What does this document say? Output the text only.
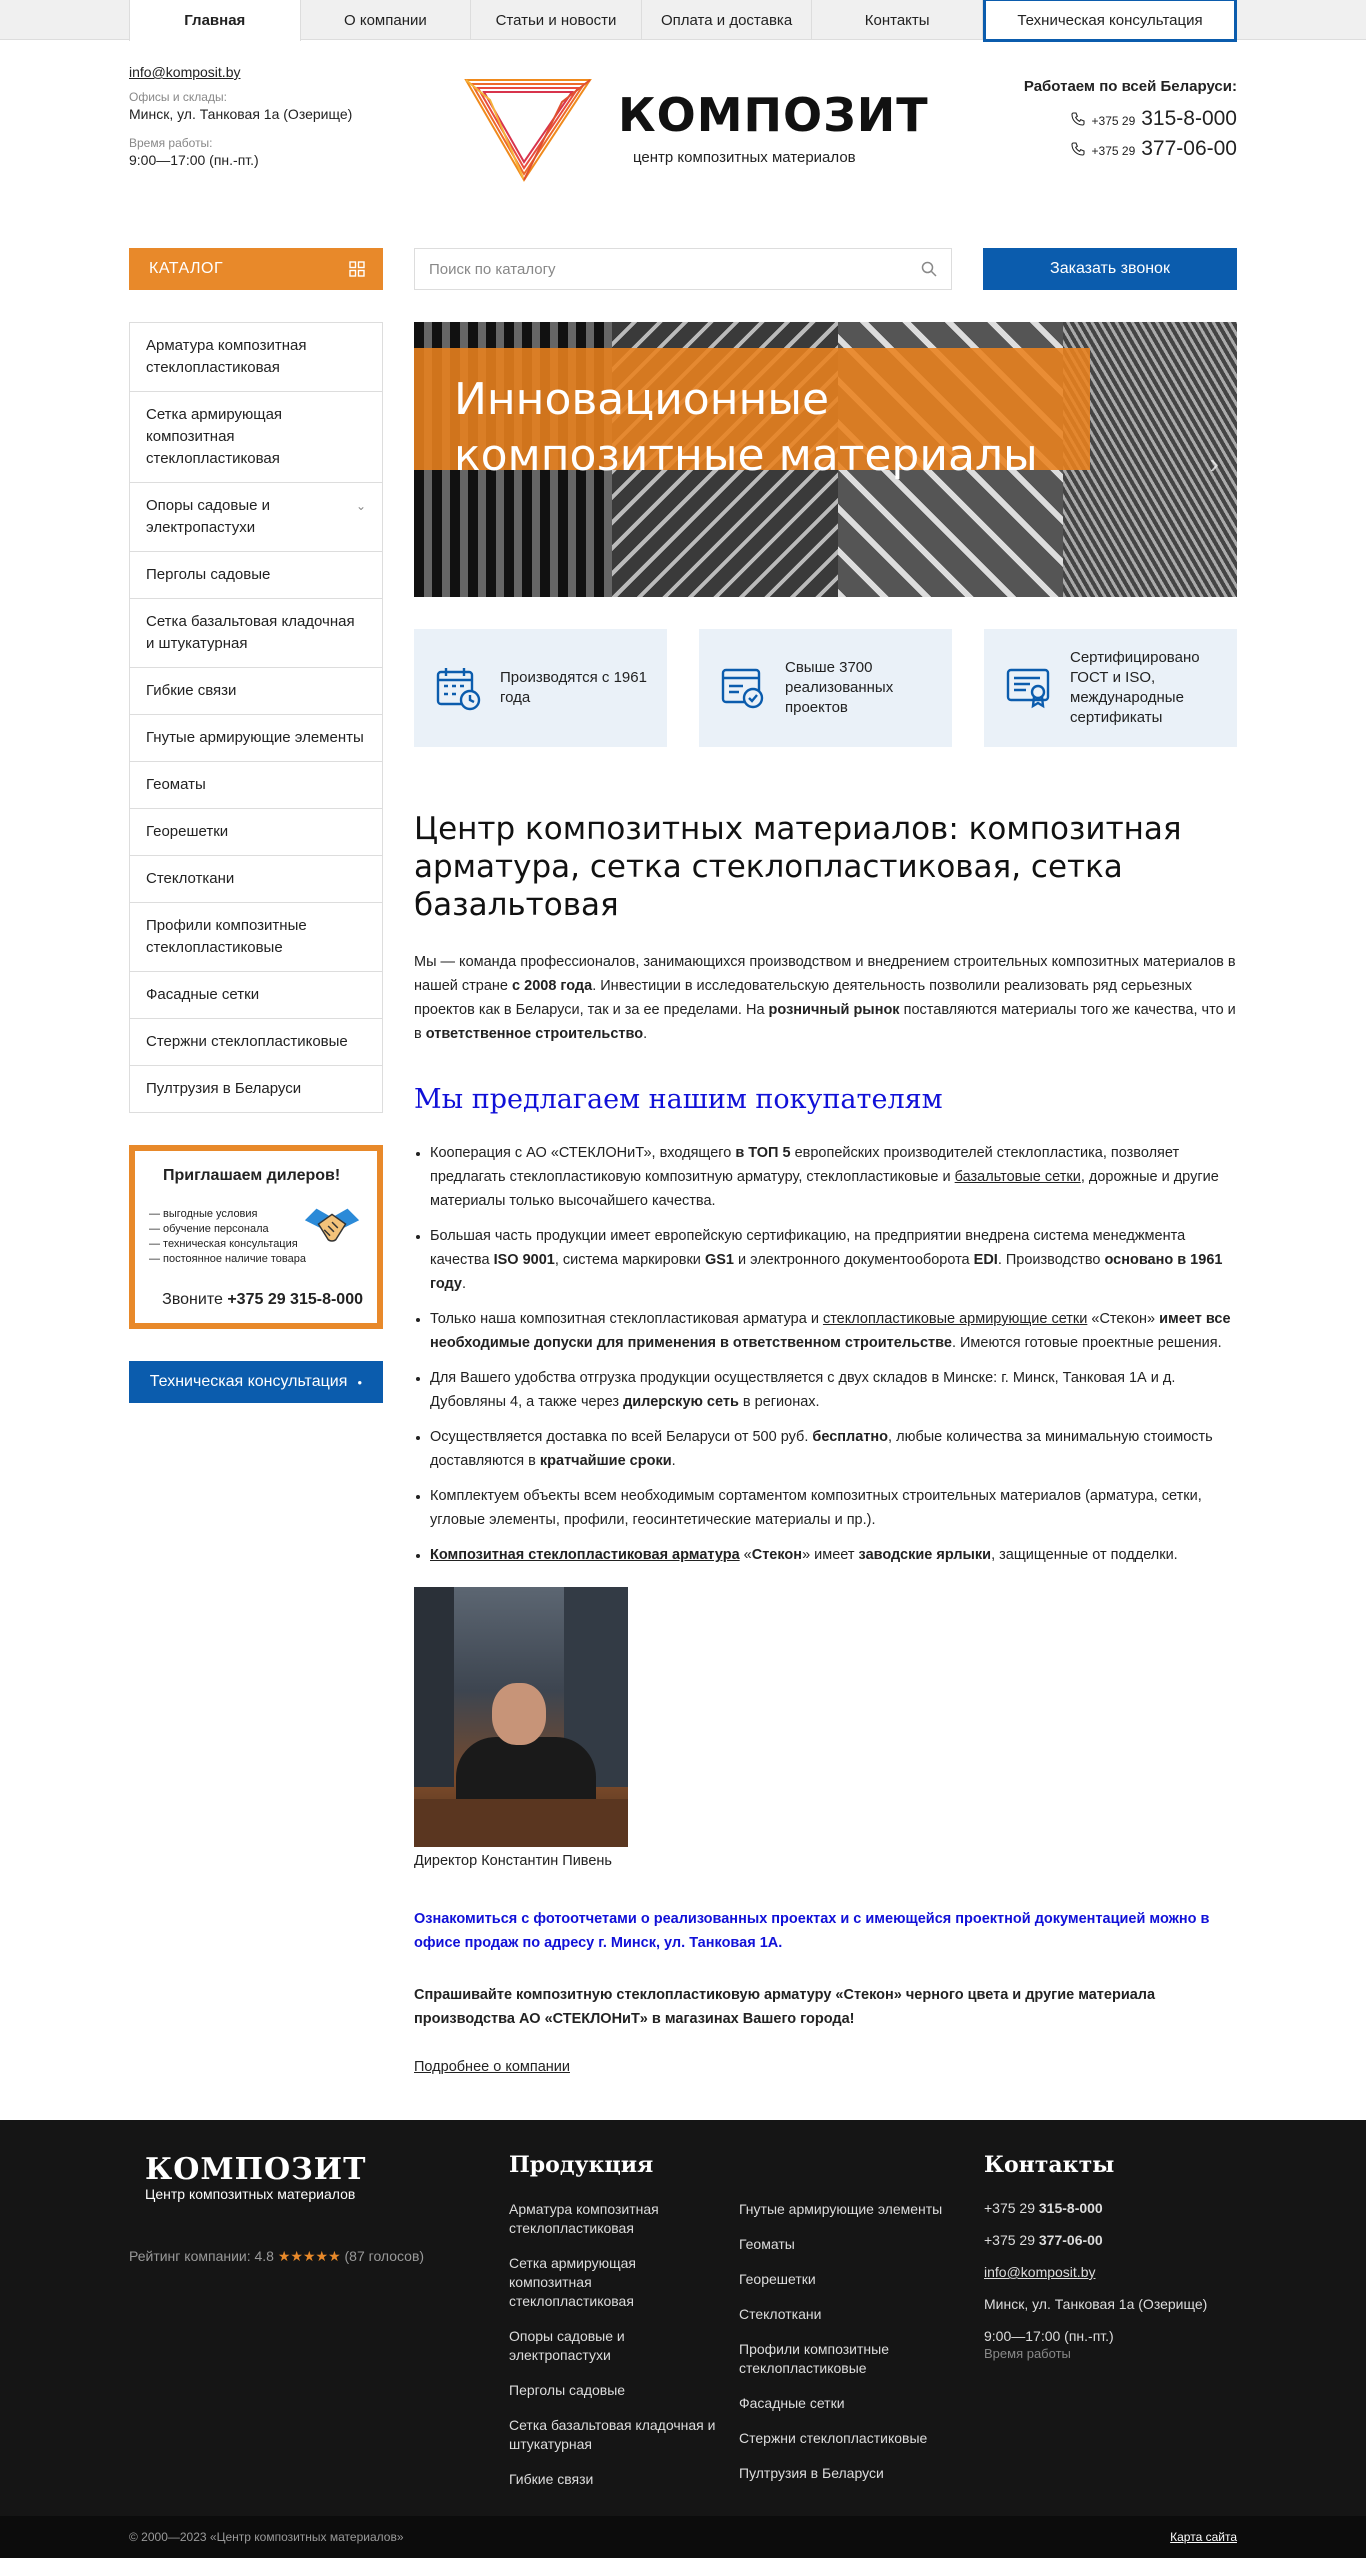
Главная	О компании	Статьи и новости	Оплата и доставка	Контакты	Техническая консультация
info@komposit.by
Офисы и склады:
Минск, ул. Танковая 1а (Озерище)
Время работы:
9:00—17:00 (пн.-пт.)
КОМПОЗИТ
центр композитных материалов
Работаем по всей Беларуси:
+375 29 315-8-000
+375 29 377-06-00
КАТАЛОГ
Поиск по каталогу	Заказать звонок
Арматура композитная стеклопластиковая
Сетка армирующая композитная стеклопластиковая
Опоры садовые и электропастухи
⌄
Перголы садовые
Сетка базальтовая кладочная и штукатурная
Гибкие связи
Гнутые армирующие элементы
Геоматы
Георешетки
Стеклоткани
Профили композитные стеклопластиковые
Фасадные сетки
Стержни стеклопластиковые
Пултрузия в Беларуси
Приглашаем дилеров!
— выгодные условия
— обучение персонала
— техническая консультация
— постоянное наличие товара
Звоните +375 29 315-8-000
Техническая консультация ●
Инновационные
композитные материалы	›
Производятся с 1961 года
Свыше 3700 реализованных проектов
Сертифицировано ГОСТ и ISO, международные сертификаты
Центр композитных материалов: композитная арматура, сетка стеклопластиковая, сетка базальтовая

Мы — команда профессионалов, занимающихся производством и внедрением строительных композитных материалов в нашей стране с 2008 года. Инвестиции в исследовательскую деятельность позволили реализовать ряд серьезных проектов как в Беларуси, так и за ее пределами. На розничный рынок поставляются материалы того же качества, что и в ответственное строительство.

Мы предлагаем нашим покупателям
• Кооперация с АО «СТЕКЛОНиТ», входящего в ТОП 5 европейских производителей стеклопластика, позволяет предлагать стеклопластиковую композитную арматуру, стеклопластиковые и базальтовые сетки, дорожные и другие материалы только высочайшего качества.
• Большая часть продукции имеет европейскую сертификацию, на предприятии внедрена система менеджмента качества ISO 9001, система маркировки GS1 и электронного документооборота EDI. Производство основано в 1961 году.
• Только наша композитная стеклопластиковая арматура и стеклопластиковые армирующие сетки «Стекон» имеет все необходимые допуски для применения в ответственном строительстве. Имеются готовые проектные решения.
• Для Вашего удобства отгрузка продукции осуществляется с двух складов в Минске: г. Минск, Танковая 1А и д. Дубовляны 4, а также через дилерскую сеть в регионах.
• Осуществляется доставка по всей Беларуси от 500 руб. бесплатно, любые количества за минимальную стоимость доставляются в кратчайшие сроки.
• Комплектуем объекты всем необходимым сортаментом композитных строительных материалов (арматура, сетки, угловые элементы, профили, геосинтетические материалы и пр.).
• Композитная стеклопластиковая арматура «Стекон» имеет заводские ярлыки, защищенные от подделки.
Директор Константин Пивень
Ознакомиться с фотоотчетами о реализованных проектах и с имеющейся проектной документацией можно в офисе продаж по адресу г. Минск, ул. Танковая 1А.
Спрашивайте композитную стеклопластиковую арматуру «Стекон» черного цвета и другие материала производства АО «СТЕКЛОНиТ» в магазинах Вашего города!
Подробнее о компании
КОМПОЗИТ
Центр композитных материалов
Рейтинг компании: 4.8 ★★★★★ (87 голосов)
Продукция
Арматура композитная стеклопластиковая
Сетка армирующая композитная стеклопластиковая
Опоры садовые и электропастухи
Перголы садовые
Сетка базальтовая кладочная и штукатурная
Гибкие связи
Гнутые армирующие элементы
Геоматы
Георешетки
Стеклоткани
Профили композитные стеклопластиковые
Фасадные сетки
Стержни стеклопластиковые
Пултрузия в Беларуси
Контакты
+375 29 315-8-000
+375 29 377-06-00
info@komposit.by
Минск, ул. Танковая 1а (Озерище)
9:00—17:00 (пн.-пт.)
Время работы
© 2000—2023 «Центр композитных материалов»	Карта сайта
